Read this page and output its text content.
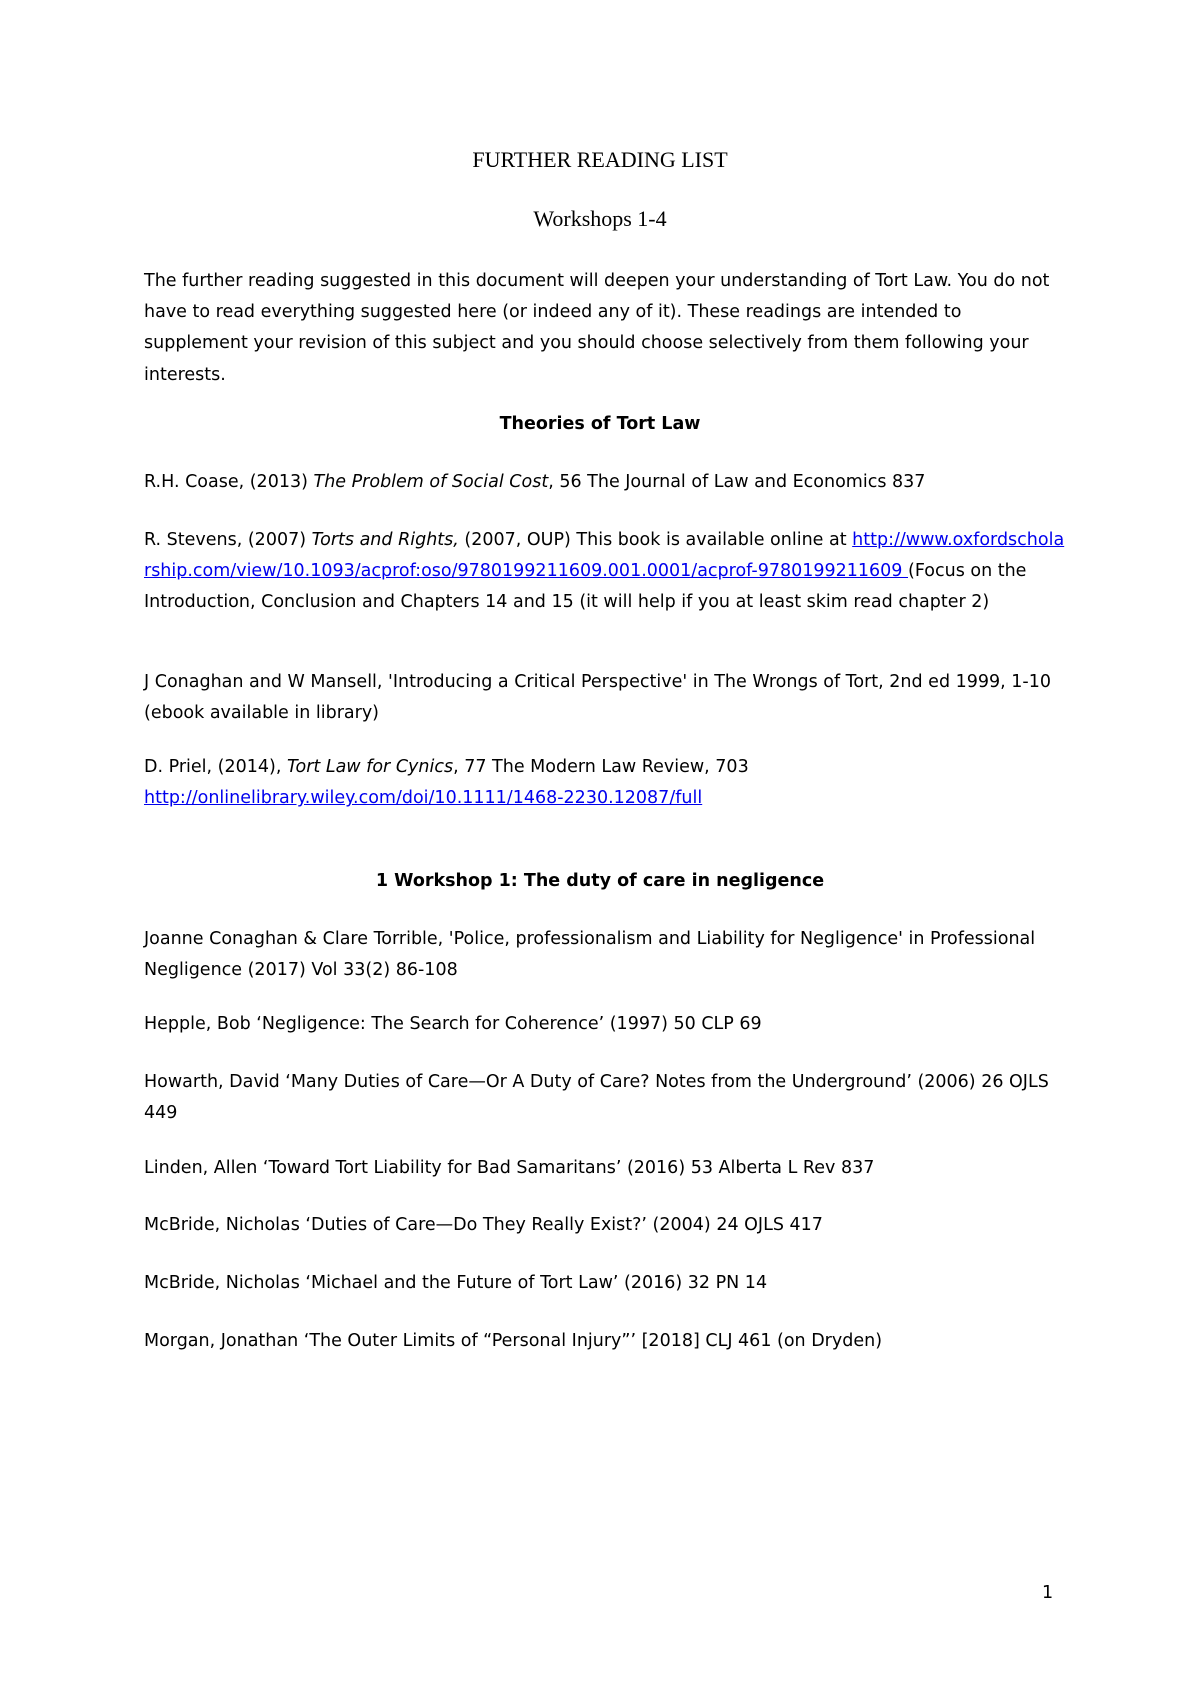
FURTHER READING LIST
Workshops 1-4
The further reading suggested in this document will deepen your understanding of Tort Law. You do not have to read everything suggested here (or indeed any of it). These readings are intended to supplement your revision of this subject and you should choose selectively from them following your interests.
Theories of Tort Law
R.H. Coase, (2013) The Problem of Social Cost, 56 The Journal of Law and Economics 837
R. Stevens, (2007) Torts and Rights, (2007, OUP) This book is available online at http://www.oxfordscholarship.com/view/10.1093/acprof:oso/9780199211609.001.0001/acprof-9780199211609 (Focus on the Introduction, Conclusion and Chapters 14 and 15 (it will help if you at least skim read chapter 2)
J Conaghan and W Mansell, 'Introducing a Critical Perspective' in The Wrongs of Tort, 2nd ed 1999, 1-10 (ebook available in library)
D. Priel, (2014), Tort Law for Cynics, 77 The Modern Law Review, 703
http://onlinelibrary.wiley.com/doi/10.1111/1468-2230.12087/full
1 Workshop 1: The duty of care in negligence
Joanne Conaghan & Clare Torrible, 'Police, professionalism and Liability for Negligence' in Professional Negligence (2017) Vol 33(2) 86-108
Hepple, Bob ‘Negligence: The Search for Coherence’ (1997) 50 CLP 69
Howarth, David ‘Many Duties of Care—Or A Duty of Care? Notes from the Underground’ (2006) 26 OJLS 449
Linden, Allen ‘Toward Tort Liability for Bad Samaritans’ (2016) 53 Alberta L Rev 837
McBride, Nicholas ‘Duties of Care—Do They Really Exist?’ (2004) 24 OJLS 417
McBride, Nicholas ‘Michael and the Future of Tort Law’ (2016) 32 PN 14
Morgan, Jonathan ‘The Outer Limits of “Personal Injury”’ [2018] CLJ 461 (on Dryden)
1
